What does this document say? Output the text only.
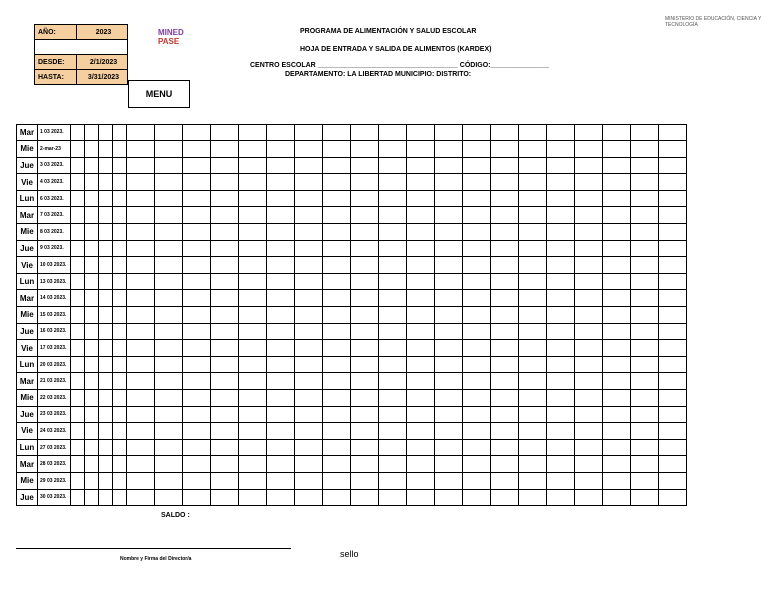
AÑO:	2023
DESDE:	2/1/2023
HASTA:	3/31/2023
MINED
PASE
MINISTERIO DE EDUCACIÓN, CIENCIA Y TECNOLOGÍA
PROGRAMA DE ALIMENTACIÓN Y SALUD ESCOLAR
HOJA DE ENTRADA Y SALIDA DE ALIMENTOS (KARDEX)
CENTRO ESCOLAR ____________________________________ CÓDIGO:_______________
DEPARTAMENTO: LA LIBERTAD MUNICIPIO: DISTRITO:
MENU

Mar	1 03 2023.																								
Mie	2-mar-23																								
Jue	3 03 2023.																								
Vie	4 03 2023.																								
Lun	6 03 2023.																								
Mar	7 03 2023.																								
Mie	8 03 2023.																								
Jue	9 03 2023.																								
Vie	10 03 2023.																								
Lun	13 03 2023.																								
Mar	14 03 2023.																								
Mie	15 03 2023.																								
Jue	16 03 2023.																								
Vie	17 03 2023.																								
Lun	20 03 2023.																								
Mar	21 03 2023.																								
Mie	22 03 2023.																								
Jue	23 03 2023.																								
Vie	24 03 2023.																								
Lun	27 03 2023.																								
Mar	28 03 2023.																								
Mie	29 03 2023.																								
Jue	30 03 2023.																								
SALDO :
Nombre y Firma del Director/a	sello
